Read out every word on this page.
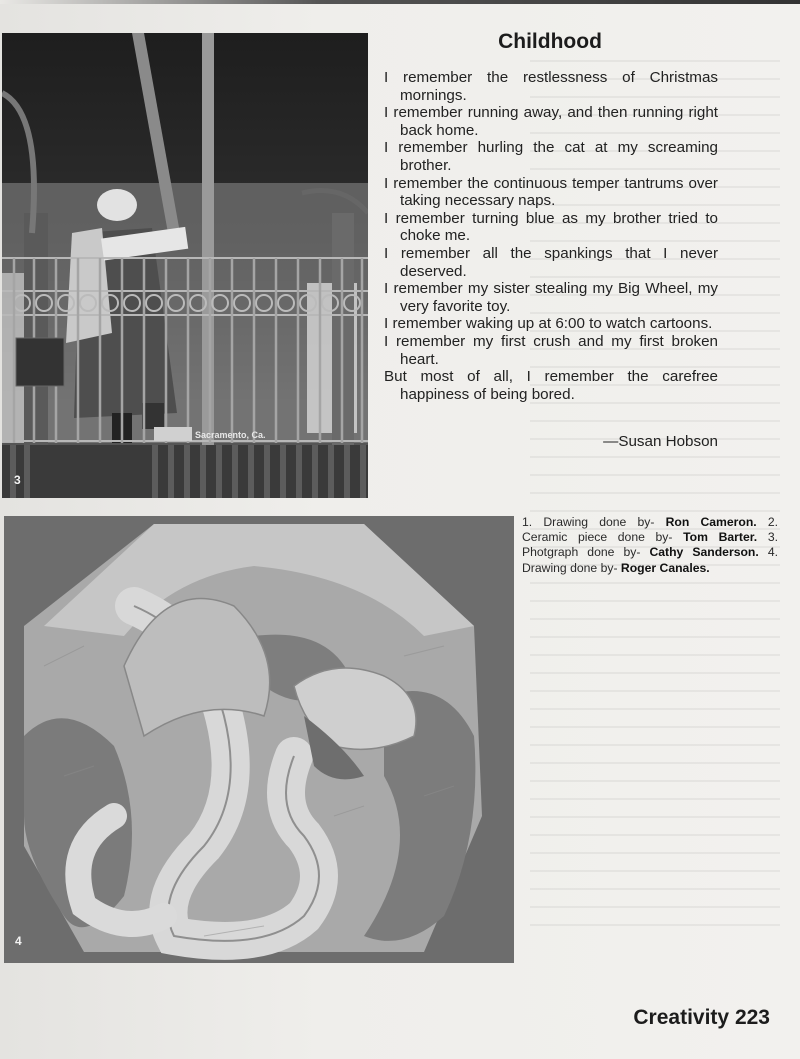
Sacramento, Ca.
3
Childhood

I remember the restlessness of Christmas mornings.

I remember running away, and then running right back home.

I remember hurling the cat at my screaming brother.

I remember the continuous temper tantrums over taking necessary naps.

I remember turning blue as my brother tried to choke me.

I remember all the spankings that I never deserved.

I remember my sister stealing my Big Wheel, my very favorite toy.

I remember waking up at 6:00 to watch cartoons.

I remember my first crush and my first broken heart.

But most of all, I remember the carefree happiness of being bored.

—Susan Hobson
1. Drawing done by- Ron Cameron. 2. Ceramic piece done by- Tom Barter. 3. Photgraph done by- Cathy Sanderson. 4. Drawing done by- Roger Canales.
4
Creativity 223
